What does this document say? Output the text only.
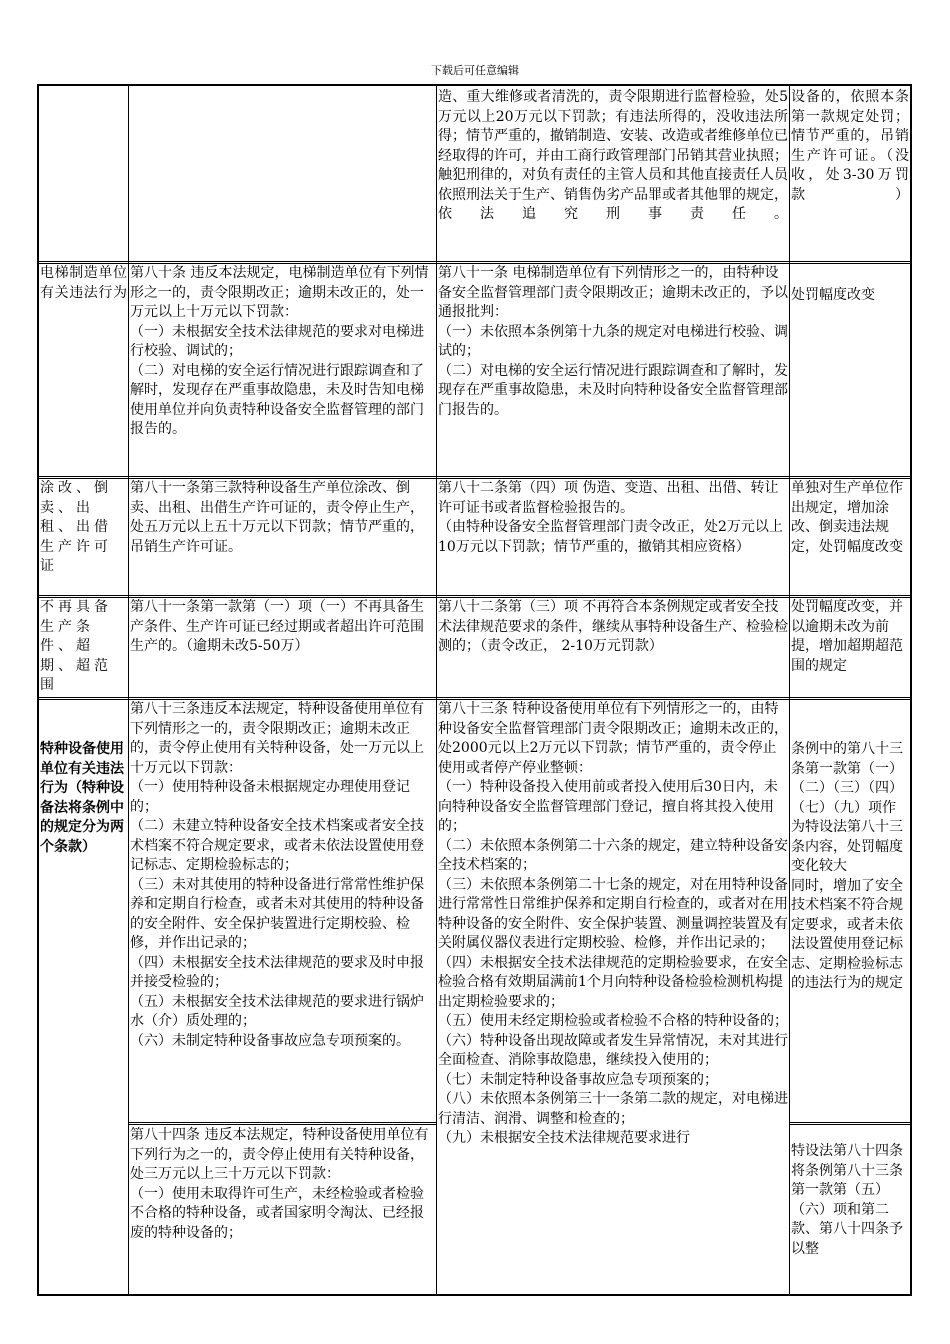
下载后可任意编辑
造、重大维修或者清洗的，责令限期进行监督检验，处5万元以上20万元以下罚款；有违法所得的，没收违法所得；情节严重的，撤销制造、安装、改造或者维修单位已经取得的许可，并由工商行政管理部门吊销其营业执照；触犯刑律的，对负有责任的主管人员和其他直接责任人员依照刑法关于生产、销售伪劣产品罪或者其他罪的规定，依法追究刑事责任。
设备的，依照本条第一款规定处罚；情节严重的，吊销生产许可证。（没收，处3-30万罚款）
电梯制造单位有关违法行为
第八十条 违反本法规定，电梯制造单位有下列情形之一的，责令限期改正；逾期未改正的，处一万元以上十万元以下罚款：
（一）未根据安全技术法律规范的要求对电梯进行校验、调试的；
（二）对电梯的安全运行情况进行跟踪调查和了解时，发现存在严重事故隐患，未及时告知电梯使用单位并向负责特种设备安全监督管理的部门报告的。
第八十一条 电梯制造单位有下列情形之一的，由特种设备安全监督管理部门责令限期改正；逾期未改正的，予以通报批判：
（一）未依照本条例第十九条的规定对电梯进行校验、调试的；
（二）对电梯的安全运行情况进行跟踪调查和了解时，发现存在严重事故隐患，未及时向特种设备安全监督管理部门报告的。
处罚幅度改变
涂改、倒卖、出租、出借生产许可证
第八十一条第三款特种设备生产单位涂改、倒卖、出租、出借生产许可证的，责令停止生产，处五万元以上五十万元以下罚款；情节严重的，吊销生产许可证。
第八十二条第（四）项 伪造、变造、出租、出借、转让许可证书或者监督检验报告的。
（由特种设备安全监督管理部门责令改正，处2万元以上10万元以下罚款；情节严重的，撤销其相应资格）
单独对生产单位作出规定，增加涂改、倒卖违法规定，处罚幅度改变
不再具备生产条件、超期、超范围
第八十一条第一款第（一）项（一）不再具备生产条件、生产许可证已经过期或者超出许可范围生产的。（逾期未改5-50万）
第八十二条第（三）项 不再符合本条例规定或者安全技术法律规范要求的条件，继续从事特种设备生产、检验检测的；（责令改正， 2-10万元罚款）
处罚幅度改变，并以逾期未改为前提，增加超期超范围的规定
特种设备使用单位有关违法行为（特种设备法将条例中的规定分为两个条款）
第八十三条违反本法规定，特种设备使用单位有下列情形之一的，责令限期改正；逾期未改正的，责令停止使用有关特种设备，处一万元以上十万元以下罚款：
（一）使用特种设备未根据规定办理使用登记的；
（二）未建立特种设备安全技术档案或者安全技术档案不符合规定要求，或者未依法设置使用登记标志、定期检验标志的；
（三）未对其使用的特种设备进行常常性维护保养和定期自行检查，或者未对其使用的特种设备的安全附件、安全保护装置进行定期校验、检修，并作出记录的；
（四）未根据安全技术法律规范的要求及时申报并接受检验的；
（五）未根据安全技术法律规范的要求进行锅炉水（介）质处理的；
（六）未制定特种设备事故应急专项预案的。
第八十四条 违反本法规定，特种设备使用单位有下列行为之一的，责令停止使用有关特种设备，处三万元以上三十万元以下罚款：
（一）使用未取得许可生产，未经检验或者检验不合格的特种设备，或者国家明令淘汰、已经报废的特种设备的；
第八十三条 特种设备使用单位有下列情形之一的，由特种设备安全监督管理部门责令限期改正；逾期未改正的，处2000元以上2万元以下罚款；情节严重的，责令停止使用或者停产停业整顿：
（一）特种设备投入使用前或者投入使用后30日内，未向特种设备安全监督管理部门登记，擅自将其投入使用的；
（二）未依照本条例第二十六条的规定，建立特种设备安全技术档案的；
（三）未依照本条例第二十七条的规定，对在用特种设备进行常常性日常维护保养和定期自行检查的，或者对在用特种设备的安全附件、安全保护装置、测量调控装置及有关附属仪器仪表进行定期校验、检修，并作出记录的；
（四）未根据安全技术法律规范的定期检验要求，在安全检验合格有效期届满前1个月向特种设备检验检测机构提出定期检验要求的；
（五）使用未经定期检验或者检验不合格的特种设备的；
（六）特种设备出现故障或者发生异常情况，未对其进行全面检查、消除事故隐患，继续投入使用的；
（七）未制定特种设备事故应急专项预案的；
（八）未依照本条例第三十一条第二款的规定，对电梯进行清洁、润滑、调整和检查的；
（九）未根据安全技术法律规范要求进行
条例中的第八十三条第一款第（一）（二）（三）（四）（七）（九）项作为特设法第八十三条内容，处罚幅度变化较大
同时，增加了安全技术档案不符合规定要求，或者未依法设置使用登记标志、定期检验标志的违法行为的规定
特设法第八十四条将条例第八十三条第一款第（五）（六）项和第二款、第八十四条予以整
